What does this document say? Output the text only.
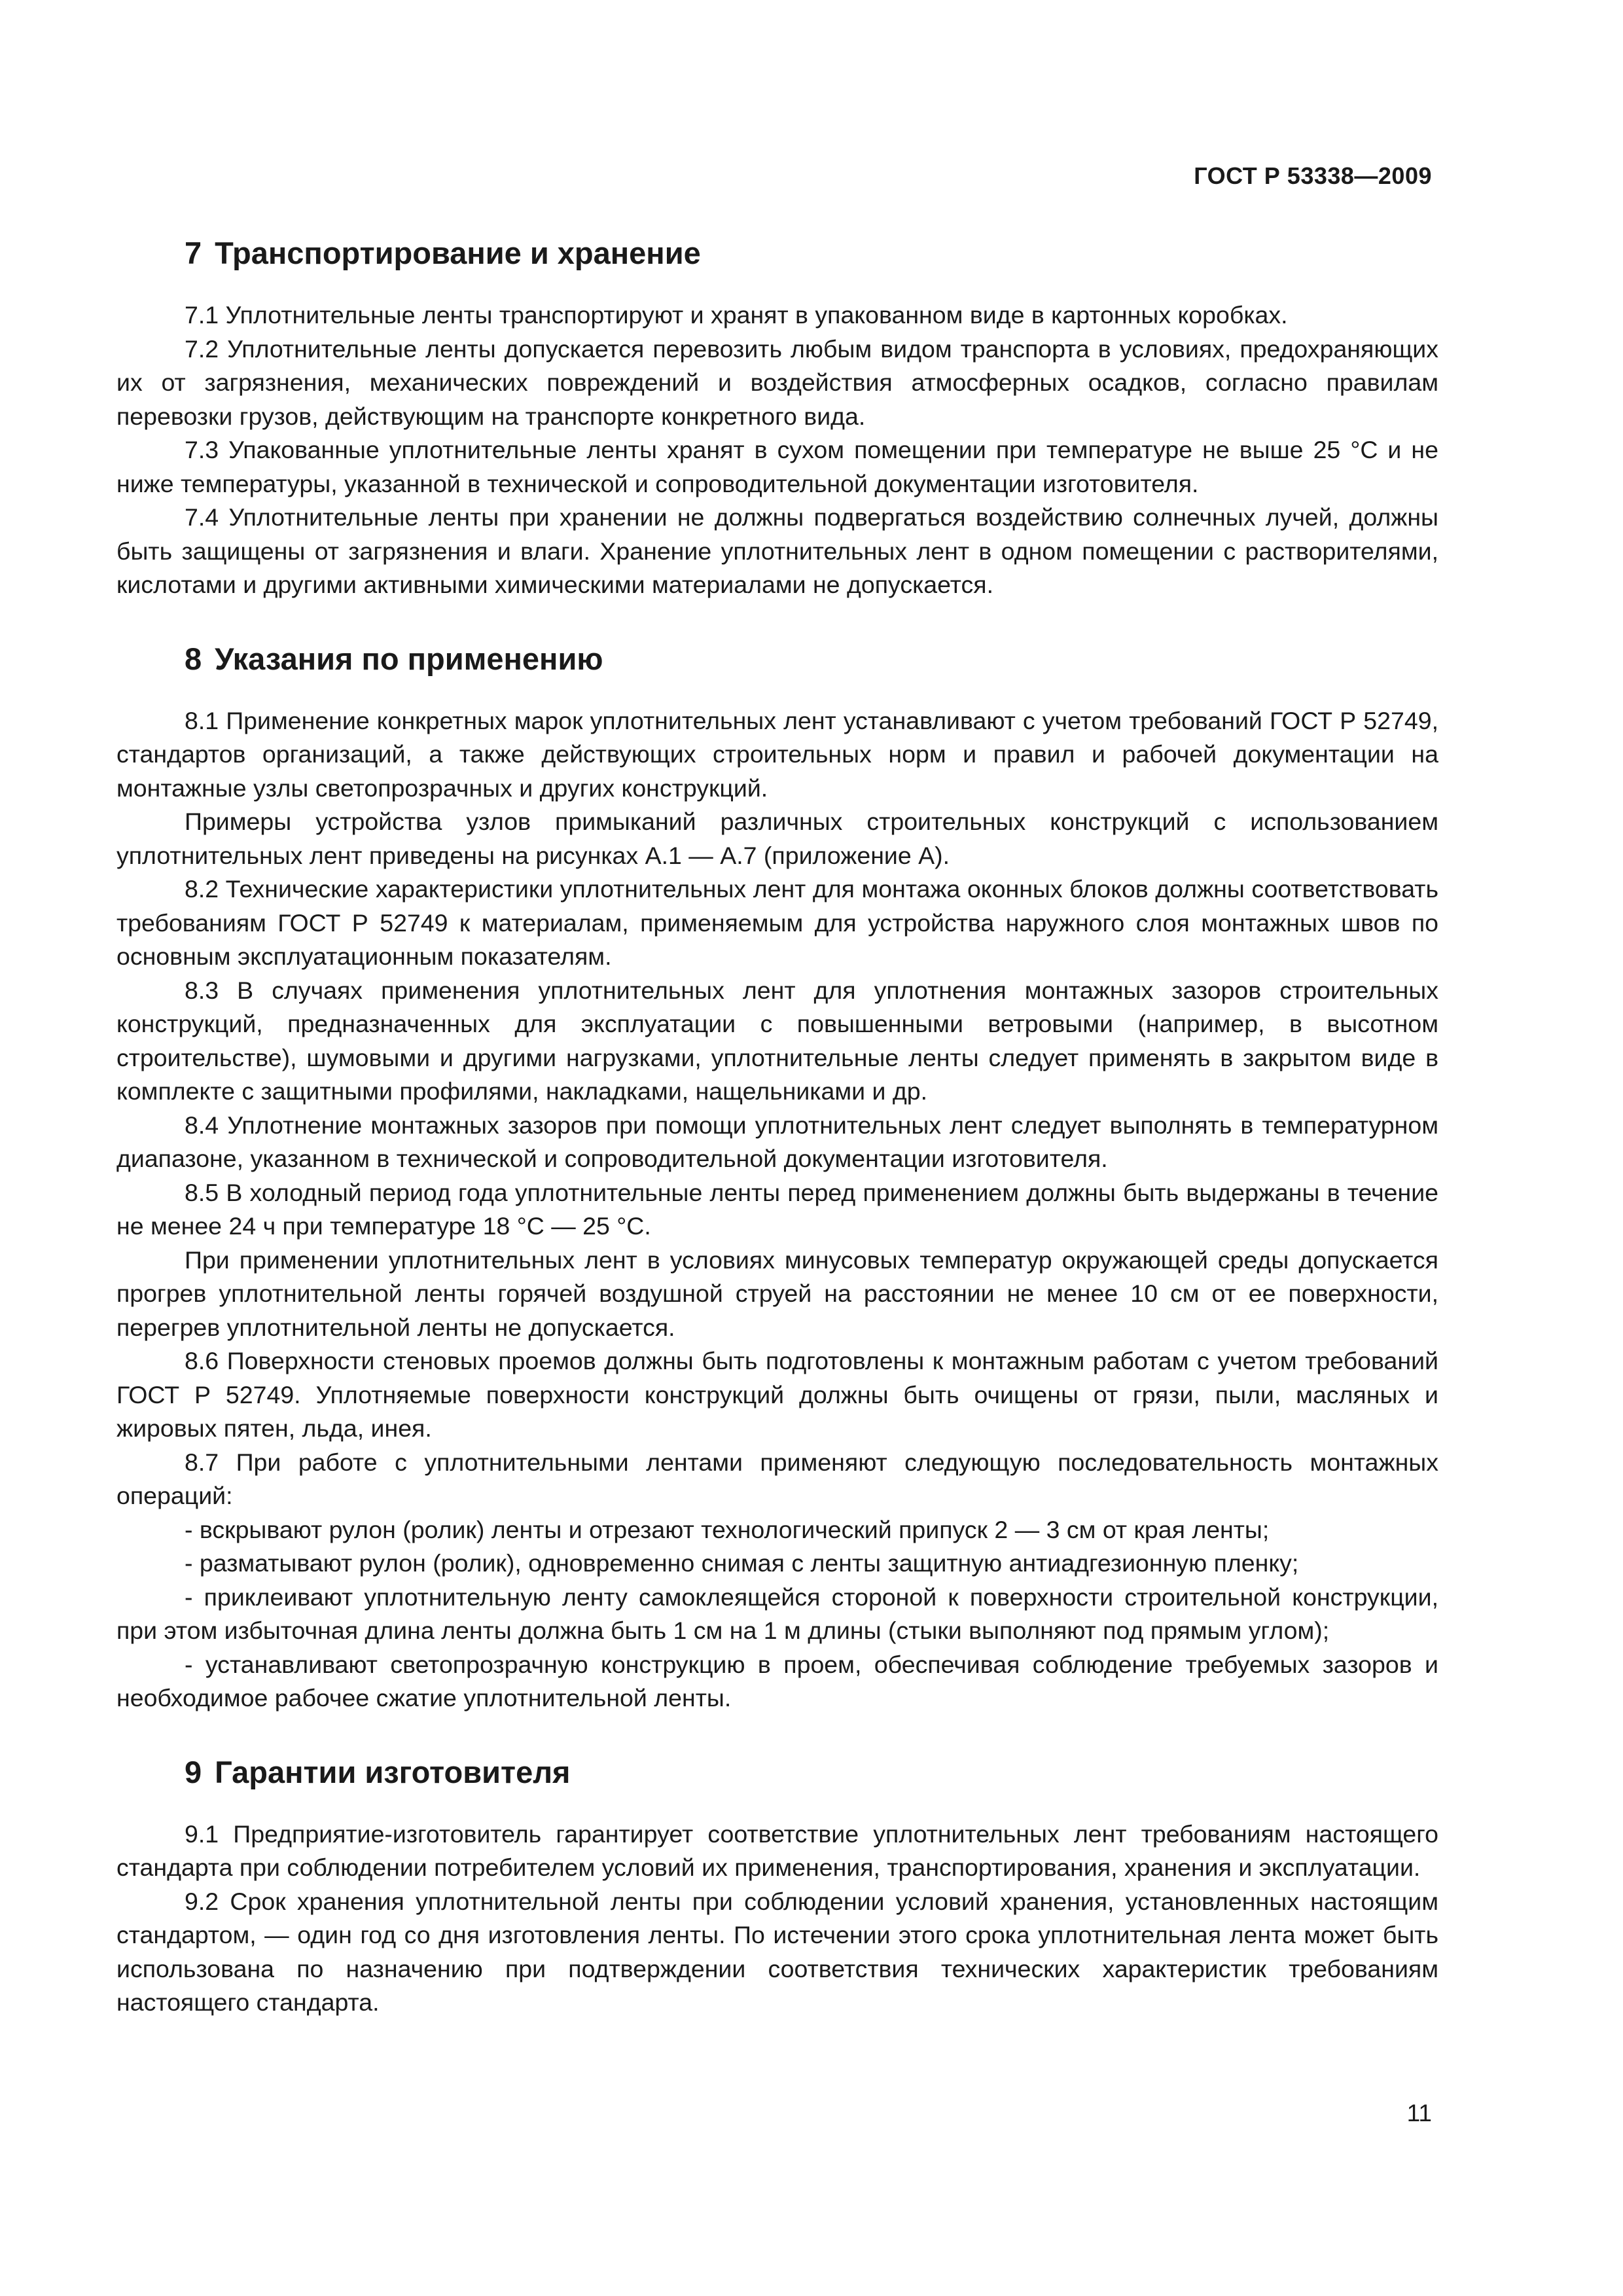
ГОСТ Р 53338—2009
7 Транспортирование и хранение

7.1 Уплотнительные ленты транспортируют и хранят в упакованном виде в картонных коробках.

7.2 Уплотнительные ленты допускается перевозить любым видом транспорта в условиях, предохраняющих их от загрязнения, механических повреждений и воздействия атмосферных осадков, согласно правилам перевозки грузов, действующим на транспорте конкретного вида.

7.3 Упакованные уплотнительные ленты хранят в сухом помещении при температуре не выше 25 °С и не ниже температуры, указанной в технической и сопроводительной документации изготовителя.

7.4 Уплотнительные ленты при хранении не должны подвергаться воздействию солнечных лучей, должны быть защищены от загрязнения и влаги. Хранение уплотнительных лент в одном помещении с растворителями, кислотами и другими активными химическими материалами не допускается.

8 Указания по применению

8.1 Применение конкретных марок уплотнительных лент устанавливают с учетом требований ГОСТ Р 52749, стандартов организаций, а также действующих строительных норм и правил и рабочей документации на монтажные узлы светопрозрачных и других конструкций.

Примеры устройства узлов примыканий различных строительных конструкций с использованием уплотнительных лент приведены на рисунках А.1 — А.7 (приложение А).

8.2 Технические характеристики уплотнительных лент для монтажа оконных блоков должны соответствовать требованиям ГОСТ Р 52749 к материалам, применяемым для устройства наружного слоя монтажных швов по основным эксплуатационным показателям.

8.3 В случаях применения уплотнительных лент для уплотнения монтажных зазоров строительных конструкций, предназначенных для эксплуатации с повышенными ветровыми (например, в высотном строительстве), шумовыми и другими нагрузками, уплотнительные ленты следует применять в закрытом виде в комплекте с защитными профилями, накладками, нащельниками и др.

8.4 Уплотнение монтажных зазоров при помощи уплотнительных лент следует выполнять в температурном диапазоне, указанном в технической и сопроводительной документации изготовителя.

8.5 В холодный период года уплотнительные ленты перед применением должны быть выдержаны в течение не менее 24 ч при температуре 18 °С — 25 °С.

При применении уплотнительных лент в условиях минусовых температур окружающей среды допускается прогрев уплотнительной ленты горячей воздушной струей на расстоянии не менее 10 см от ее поверхности, перегрев уплотнительной ленты не допускается.

8.6 Поверхности стеновых проемов должны быть подготовлены к монтажным работам с учетом требований ГОСТ Р 52749. Уплотняемые поверхности конструкций должны быть очищены от грязи, пыли, масляных и жировых пятен, льда, инея.

8.7 При работе с уплотнительными лентами применяют следующую последовательность монтажных операций:

- вскрывают рулон (ролик) ленты и отрезают технологический припуск 2 — 3 см от края ленты;

- разматывают рулон (ролик), одновременно снимая с ленты защитную антиадгезионную пленку;

- приклеивают уплотнительную ленту самоклеящейся стороной к поверхности строительной конструкции, при этом избыточная длина ленты должна быть 1 см на 1 м длины (стыки выполняют под прямым углом);

- устанавливают светопрозрачную конструкцию в проем, обеспечивая соблюдение требуемых зазоров и необходимое рабочее сжатие уплотнительной ленты.

9 Гарантии изготовителя

9.1 Предприятие-изготовитель гарантирует соответствие уплотнительных лент требованиям настоящего стандарта при соблюдении потребителем условий их применения, транспортирования, хранения и эксплуатации.

9.2 Срок хранения уплотнительной ленты при соблюдении условий хранения, установленных настоящим стандартом, — один год со дня изготовления ленты. По истечении этого срока уплотнительная лента может быть использована по назначению при подтверждении соответствия технических характеристик требованиям настоящего стандарта.

11
